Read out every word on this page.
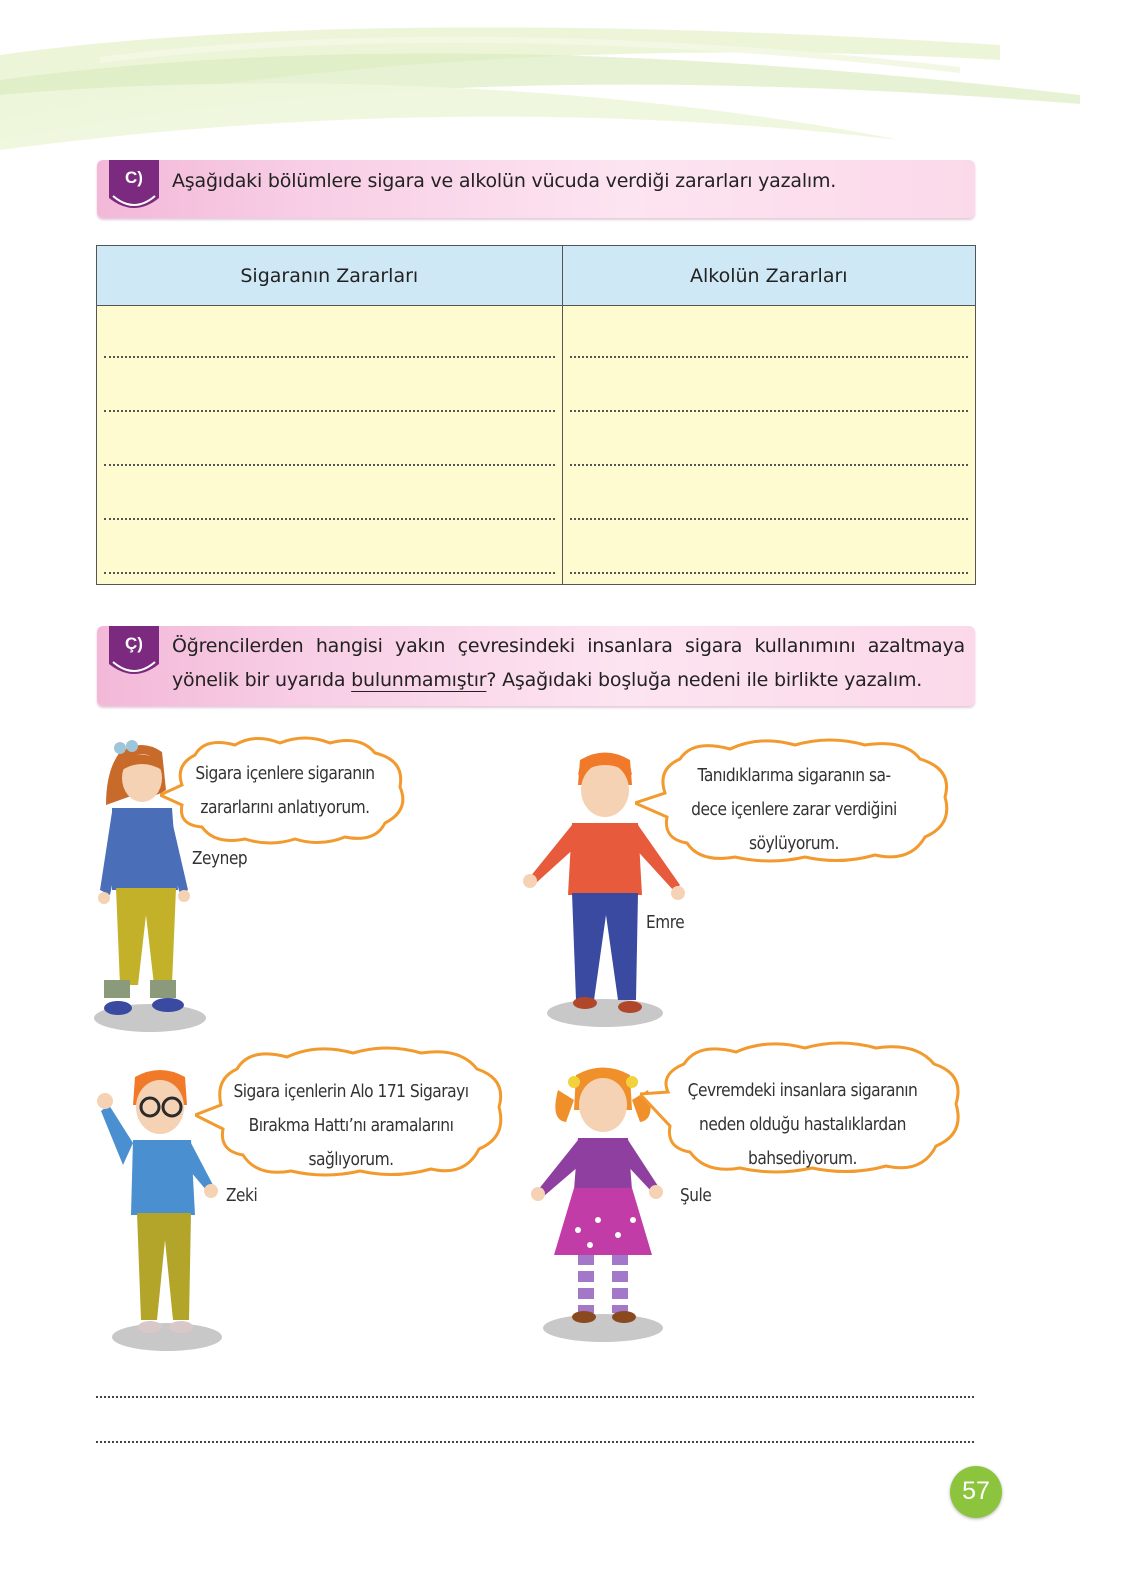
C)	Aşağıdaki bölümlere sigara ve alkolün vücuda verdiği zararları yazalım.
Sigaranın Zararları	Alkolün Zararları

Ç)	Öğrencilerden hangisi yakın çevresindeki insanlara sigara kullanımını azaltmaya
yönelik bir uyarıda bulunmamıştır? Aşağıdaki boşluğa nedeni ile birlikte yazalım.
Sigara içenlere sigaranın
zararlarını anlatıyorum.
Zeynep
Tanıdıklarıma sigaranın sa-
dece içenlere zarar verdiğini
söylüyorum.
Emre
Sigara içenlerin Alo 171 Sigarayı
Bırakma Hattı’nı aramalarını
sağlıyorum.
Zeki
Çevremdeki insanlara sigaranın
neden olduğu hastalıklardan
bahsediyorum.
Şule
57
